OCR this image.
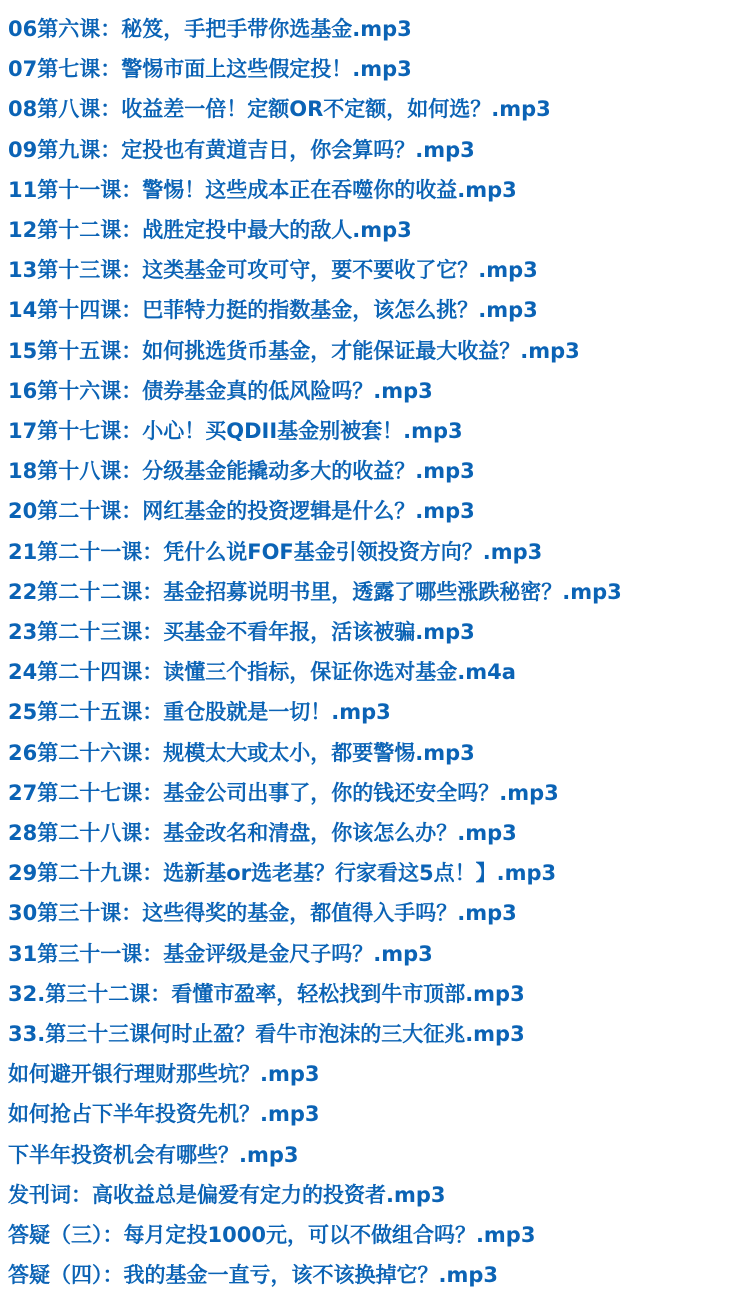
06第六课：秘笈，手把手带你选基金.mp3
07第七课：警惕市面上这些假定投！.mp3
08第八课：收益差一倍！定额OR不定额，如何选？.mp3
09第九课：定投也有黄道吉日，你会算吗？.mp3
11第十一课：警惕！这些成本正在吞噬你的收益.mp3
12第十二课：战胜定投中最大的敌人.mp3
13第十三课：这类基金可攻可守，要不要收了它？.mp3
14第十四课：巴菲特力挺的指数基金，该怎么挑？.mp3
15第十五课：如何挑选货币基金，才能保证最大收益？.mp3
16第十六课：债券基金真的低风险吗？.mp3
17第十七课：小心！买QDII基金别被套！.mp3
18第十八课：分级基金能撬动多大的收益？.mp3
20第二十课：网红基金的投资逻辑是什么？.mp3
21第二十一课：凭什么说FOF基金引领投资方向？.mp3
22第二十二课：基金招募说明书里，透露了哪些涨跌秘密？.mp3
23第二十三课：买基金不看年报，活该被骗.mp3
24第二十四课：读懂三个指标，保证你选对基金.m4a
25第二十五课：重仓股就是一切！.mp3
26第二十六课：规模太大或太小，都要警惕.mp3
27第二十七课：基金公司出事了，你的钱还安全吗？.mp3
28第二十八课：基金改名和清盘，你该怎么办？.mp3
29第二十九课：选新基or选老基？行家看这5点！】.mp3
30第三十课：这些得奖的基金，都值得入手吗？.mp3
31第三十一课：基金评级是金尺子吗？.mp3
32.第三十二课：看懂市盈率，轻松找到牛市顶部.mp3
33.第三十三课何时止盈？看牛市泡沫的三大征兆.mp3
如何避开银行理财那些坑？.mp3
如何抢占下半年投资先机？.mp3
下半年投资机会有哪些？.mp3
发刊词：高收益总是偏爱有定力的投资者.mp3
答疑（三）：每月定投1000元，可以不做组合吗？.mp3
答疑（四）：我的基金一直亏，该不该换掉它？.mp3
